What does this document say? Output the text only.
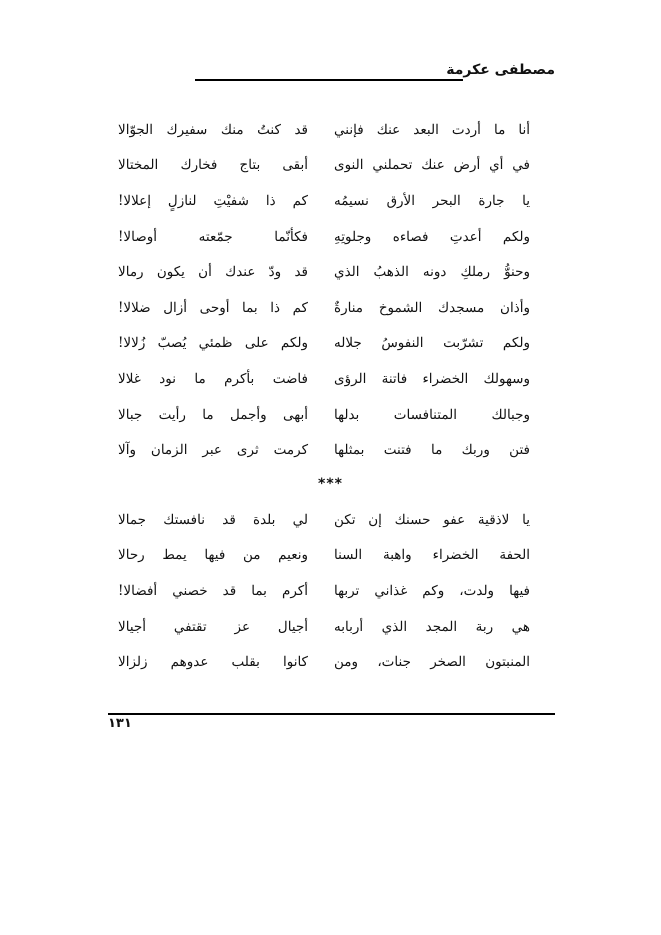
مصطفى عكرمة
أنا ما أردت البعد عنك فإنني
قد كنتُ منك سفيرك الجوّالا
في أي أرض عنك تحملني النوى
أبقى بتاج فخارك المختالا
يا جارة البحر الأرق نسيمُه
كم ذا شفيْتِ لنازلٍ إعلالا!
ولكم أعدتِ فصاءه وجلوتِهِ
فكأنّما جمّعته أوصالا!
وحنوُّ رملكِ دونه الذهبُ الذي
قد ودّ عندك أن يكون رمالا
وأذان مسجدك الشموخ منارةٌ
كم ذا بما أوحى أزال ضلالا!
ولكم تشرّبت النفوسُ جلاله
ولكم على ظمئي يُصبّ زُلالا!
وسهولك الخضراء فاتنة الرؤى
فاضت بأكرم ما نود غلالا
وجبالك المتنافسات بدلها
أبهى وأجمل ما رأيت جبالا
فتن وربك ما فتنت بمثلها
كرمت ثرى عبر الزمان وآلا
***
يا لاذقية عفو حسنك إن تكن
لي بلدة قد نافستك جمالا
الحفة الخضراء واهبة السنا
ونعيم من فيها يمط رحالا
فيها ولدت، وكم غذاني تربها
أكرم بما قد خصني أفضالا!
هي ربة المجد الذي أربابه
أجيال عز تقتفي أجيالا
المنبتون الصخر جنات، ومن
كانوا بقلب عدوهم زلزالا
١٣١
